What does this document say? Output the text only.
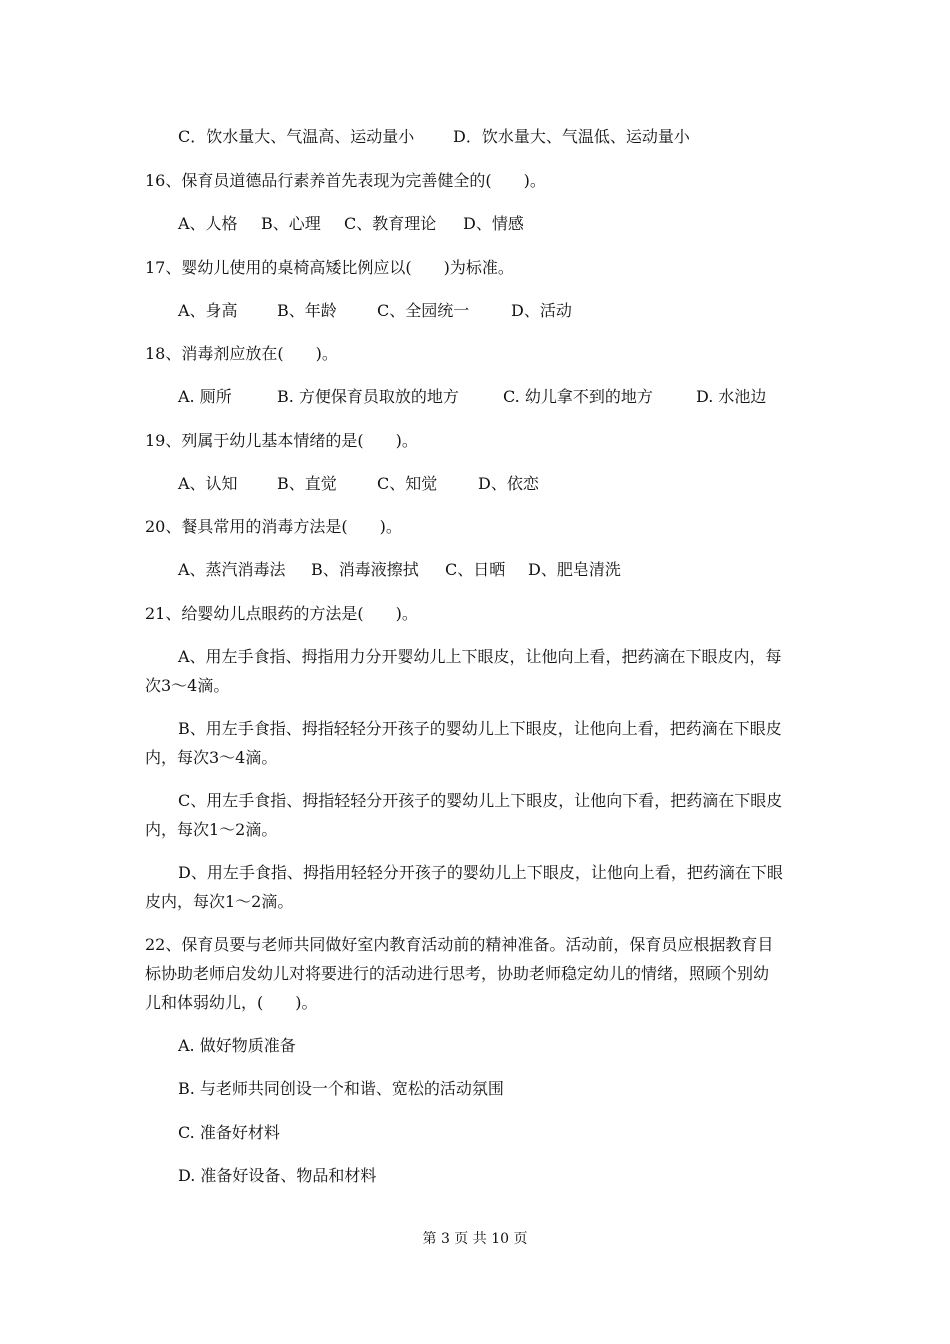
C．饮水量大、气温高、运动量小 D．饮水量大、气温低、运动量小
16、保育员道德品行素养首先表现为完善健全的(　　)。
A、人格 B、心理 C、教育理论 D、情感
17、婴幼儿使用的桌椅高矮比例应以(　　)为标准。
A、身高 B、年龄	C、全园统一	D、活动
18、消毒剂应放在(　　)。
A. 厕所	B. 方便保育员取放的地方	C. 幼儿拿不到的地方	D. 水池边
19、列属于幼儿基本情绪的是(　　)。
A、认知 B、直觉	C、知觉	D、依恋
20、餐具常用的消毒方法是(　　)。
A、蒸汽消毒法 B、消毒液擦拭 C、日晒 D、肥皂清洗
21、给婴幼儿点眼药的方法是(　　)。
A、用左手食指、拇指用力分开婴幼儿上下眼皮，让他向上看，把药滴在下眼皮内，每
次3～4滴。
B、用左手食指、拇指轻轻分开孩子的婴幼儿上下眼皮，让他向上看，把药滴在下眼皮
内，每次3～4滴。
C、用左手食指、拇指轻轻分开孩子的婴幼儿上下眼皮，让他向下看，把药滴在下眼皮
内，每次1～2滴。
D、用左手食指、拇指用轻轻分开孩子的婴幼儿上下眼皮，让他向上看，把药滴在下眼
皮内，每次1～2滴。
22、保育员要与老师共同做好室内教育活动前的精神准备。活动前，保育员应根据教育目
标协助老师启发幼儿对将要进行的活动进行思考，协助老师稳定幼儿的情绪，照顾个别幼
儿和体弱幼儿，(　　)。
A. 做好物质准备
B. 与老师共同创设一个和谐、宽松的活动氛围
C. 准备好材料
D. 准备好设备、物品和材料
第 3 页 共 10 页
